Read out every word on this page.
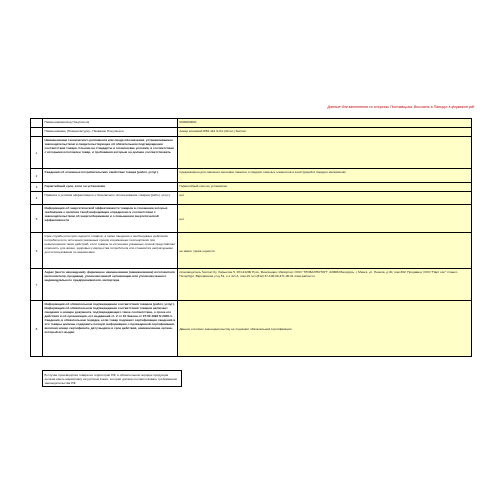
Данные для заполнения со стороны Поставщика. Выслать в Папирус в формате.pdf.
	Наименование/код Покупателя	0000000001
	Наименование (Номенклатура) - Название Покупателя	Анкер клиновой 8/52-112 S-KA (40 шт.) Sormat
1	Наименование технического регламента или свода обозначения, устанавливаемое законодательством и свидетельствующее об обязательном подтверждении соответствия товара. Ссылки на стандарты и технические условия, в соответствии с которыми изготовлен товар, и требования которым он должен соответствовать	
2	Сведения об основных потребительских свойствах товара (работ, услуг).	предназначен для сквозного монтажа тяжелых и средних тяжелых элементов и конструкций в твердых материалах
3	Гарантийный срок, если он установлен	Гарантийный срок не установлен
4	Правила и условия эффективного и безопасного использования товаров (работ, услуг).	нет
5	Информация об энергетической эффективности товаров в отношении которых требование о наличии такой информации определено в соответствии с законодательством об энергосбережении и о повышении энергетической эффективности	нет
6	Срок службы или срок годности товаров, а также сведения о необходимых действиях потребителя по истечении указанных сроков и возможных последствиях при невыполнении таких действий, если товары по истечении указанных сроков представляют опасность для жизни, здоровья и имущества потребителя или становятся непригодными для использования по назначению	не имеет срока годности
7	Адрес (место нахождения), фирменное наименование (наименование) изготовителя (исполнителя, продавца), уполномоченной организации или уполномоченного индивидуального предпринимателя, импортера	производитель Sormat Oy, Харьютие 5, FIN-21290 Русо, Финляндия; Импортер: ООО "ГЛОБАЛНСТОН", 220084 Беларусь, г. Минск, ул. Немига, д.40, пом.302; Продавец: ООО "Парт кэп" г.Санкт-Петербург, Варшавская ул.д.51, к.1 лит.А, пом.16 тел.(812) 37-106-00,371-06-01 www.partner.ru
8	Информация об обязательном подтверждении соответствия товаров (работ, услуг). Информация об обязательном подтверждении соответствия товаров включает сведения о номере документа, подтверждающего такое соответствие, о сроке его действия и об организации, его выдавшей ст. 2 от 10 Закона от 07.02.1992 N 2300-1. Сведения, в обязательном порядке, если товар подлежит сертификации сведения в эти товары должны содержать полную информацию о проведенной сертификации, включая номер сертификата, дату выдачи и срок действия, наименование органа, который его выдал	Данное согласно законодательству не подлежит обязательной сертификации
В случае производства товара на территории РФ, в обязательном порядке продукция должна иметь маркировку на русском языке, которая должна соответствовать требованиям законодательства РФ.
